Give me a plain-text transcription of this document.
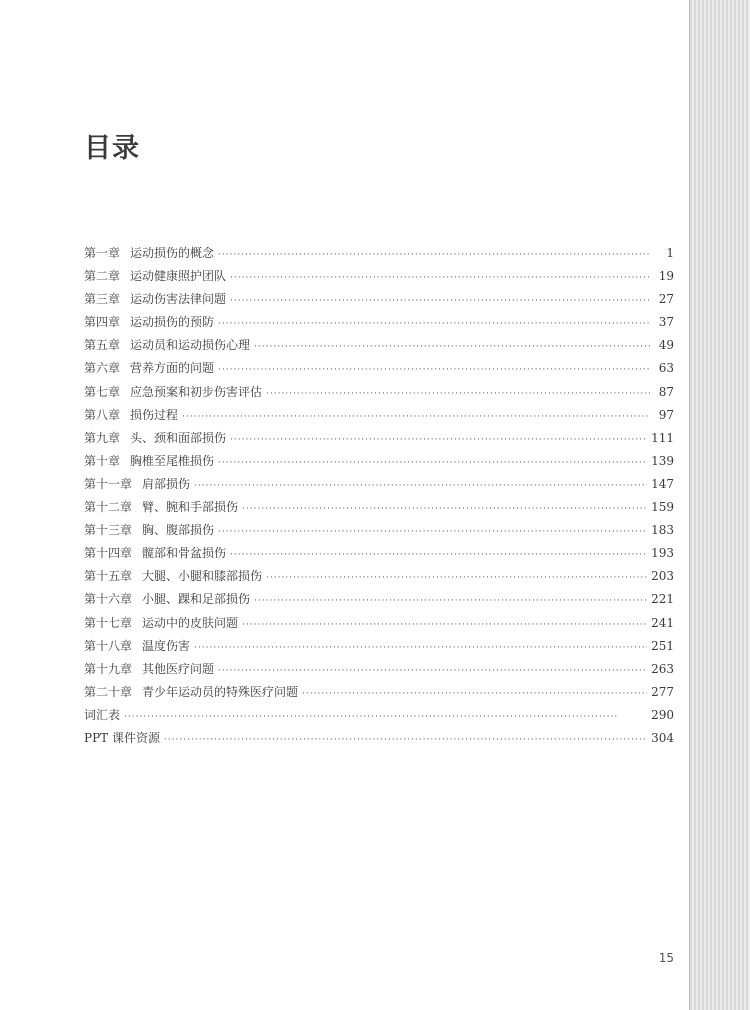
目录
第一章 运动损伤的概念 ·····	1
第二章 运动健康照护团队 ·····	19
第三章 运动伤害法律问题 ·····	27
第四章 运动损伤的预防 ·····	37
第五章 运动员和运动损伤心理 ·····	49
第六章 营养方面的问题 ·····	63
第七章 应急预案和初步伤害评估 ·····	87
第八章 损伤过程 ·····	97
第九章 头、颈和面部损伤 ·····	111
第十章 胸椎至尾椎损伤 ·····	139
第十一章 肩部损伤 ·····	147
第十二章 臂、腕和手部损伤 ·····	159
第十三章 胸、腹部损伤 ·····	183
第十四章 髋部和骨盆损伤 ·····	193
第十五章 大腿、小腿和膝部损伤 ·····	203
第十六章 小腿、踝和足部损伤 ·····	221
第十七章 运动中的皮肤问题 ·····	241
第十八章 温度伤害 ·····	251
第十九章 其他医疗问题 ·····	263
第二十章 青少年运动员的特殊医疗问题 ·····	277
词汇表 ·····	290
PPT 课件资源 ·····	304
15
